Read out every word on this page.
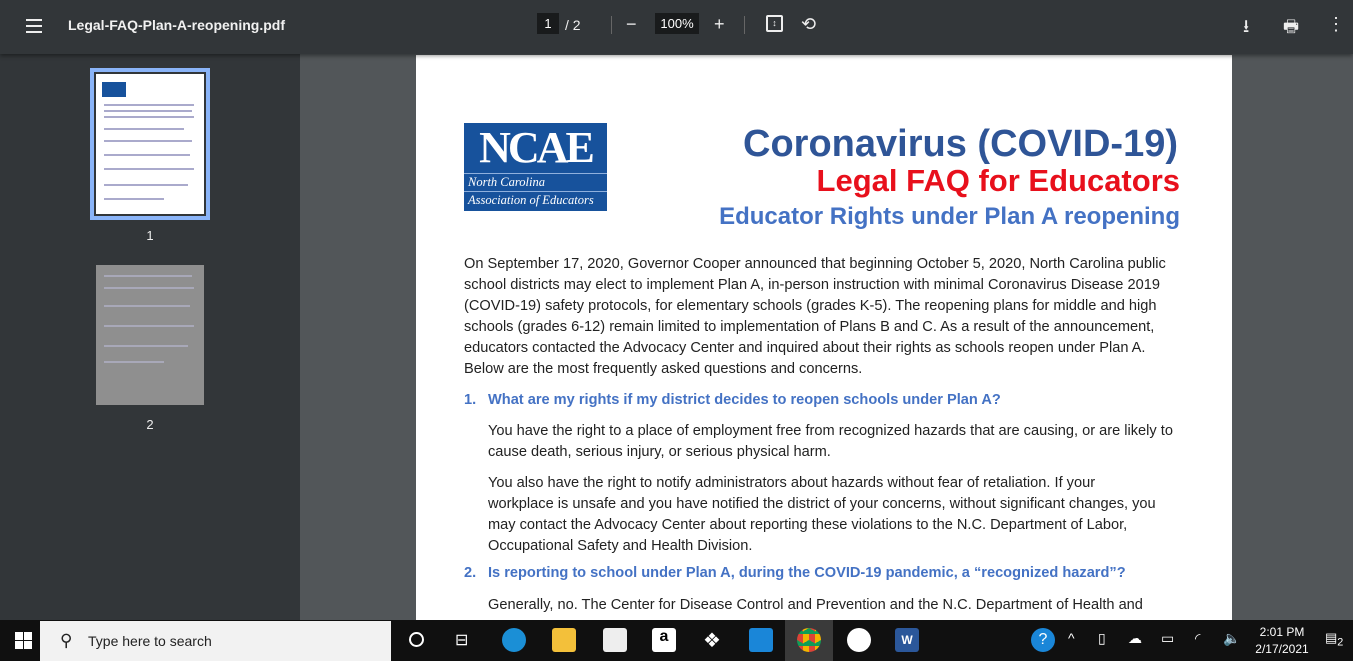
Legal-FAQ-Plan-A-reopening.pdf	1 / 2	−	100% +	↕	⟲	⭳ 🖶 ⋮
1
2
NCAE
North Carolina
Association of Educators
Coronavirus (COVID-19)
Legal FAQ for Educators
Educator Rights under Plan A reopening
On September 17, 2020, Governor Cooper announced that beginning October 5, 2020, North Carolina public
school districts may elect to implement Plan A, in-person instruction with minimal Coronavirus Disease 2019
(COVID-19) safety protocols, for elementary schools (grades K-5). The reopening plans for middle and high
schools (grades 6-12) remain limited to implementation of Plans B and C. As a result of the announcement,
educators contacted the Advocacy Center and inquired about their rights as schools reopen under Plan A.
Below are the most frequently asked questions and concerns.
1. What are my rights if my district decides to reopen schools under Plan A?
You have the right to a place of employment free from recognized hazards that are causing, or are likely to
cause death, serious injury, or serious physical harm.
You also have the right to notify administrators about hazards without fear of retaliation. If your
workplace is unsafe and you have notified the district of your concerns, without significant changes, you
may contact the Advocacy Center about reporting these violations to the N.C. Department of Labor,
Occupational Safety and Health Division.
2. Is reporting to school under Plan A, during the COVID-19 pandemic, a “recognized hazard”?
Generally, no. The Center for Disease Control and Prevention and the N.C. Department of Health and
⚲ Type here to search	⊟	a	❖	W	?	^ ▯ ☁ ▭ ◜ 🔈	2:01 PM
2/17/2021
$▤_2$
